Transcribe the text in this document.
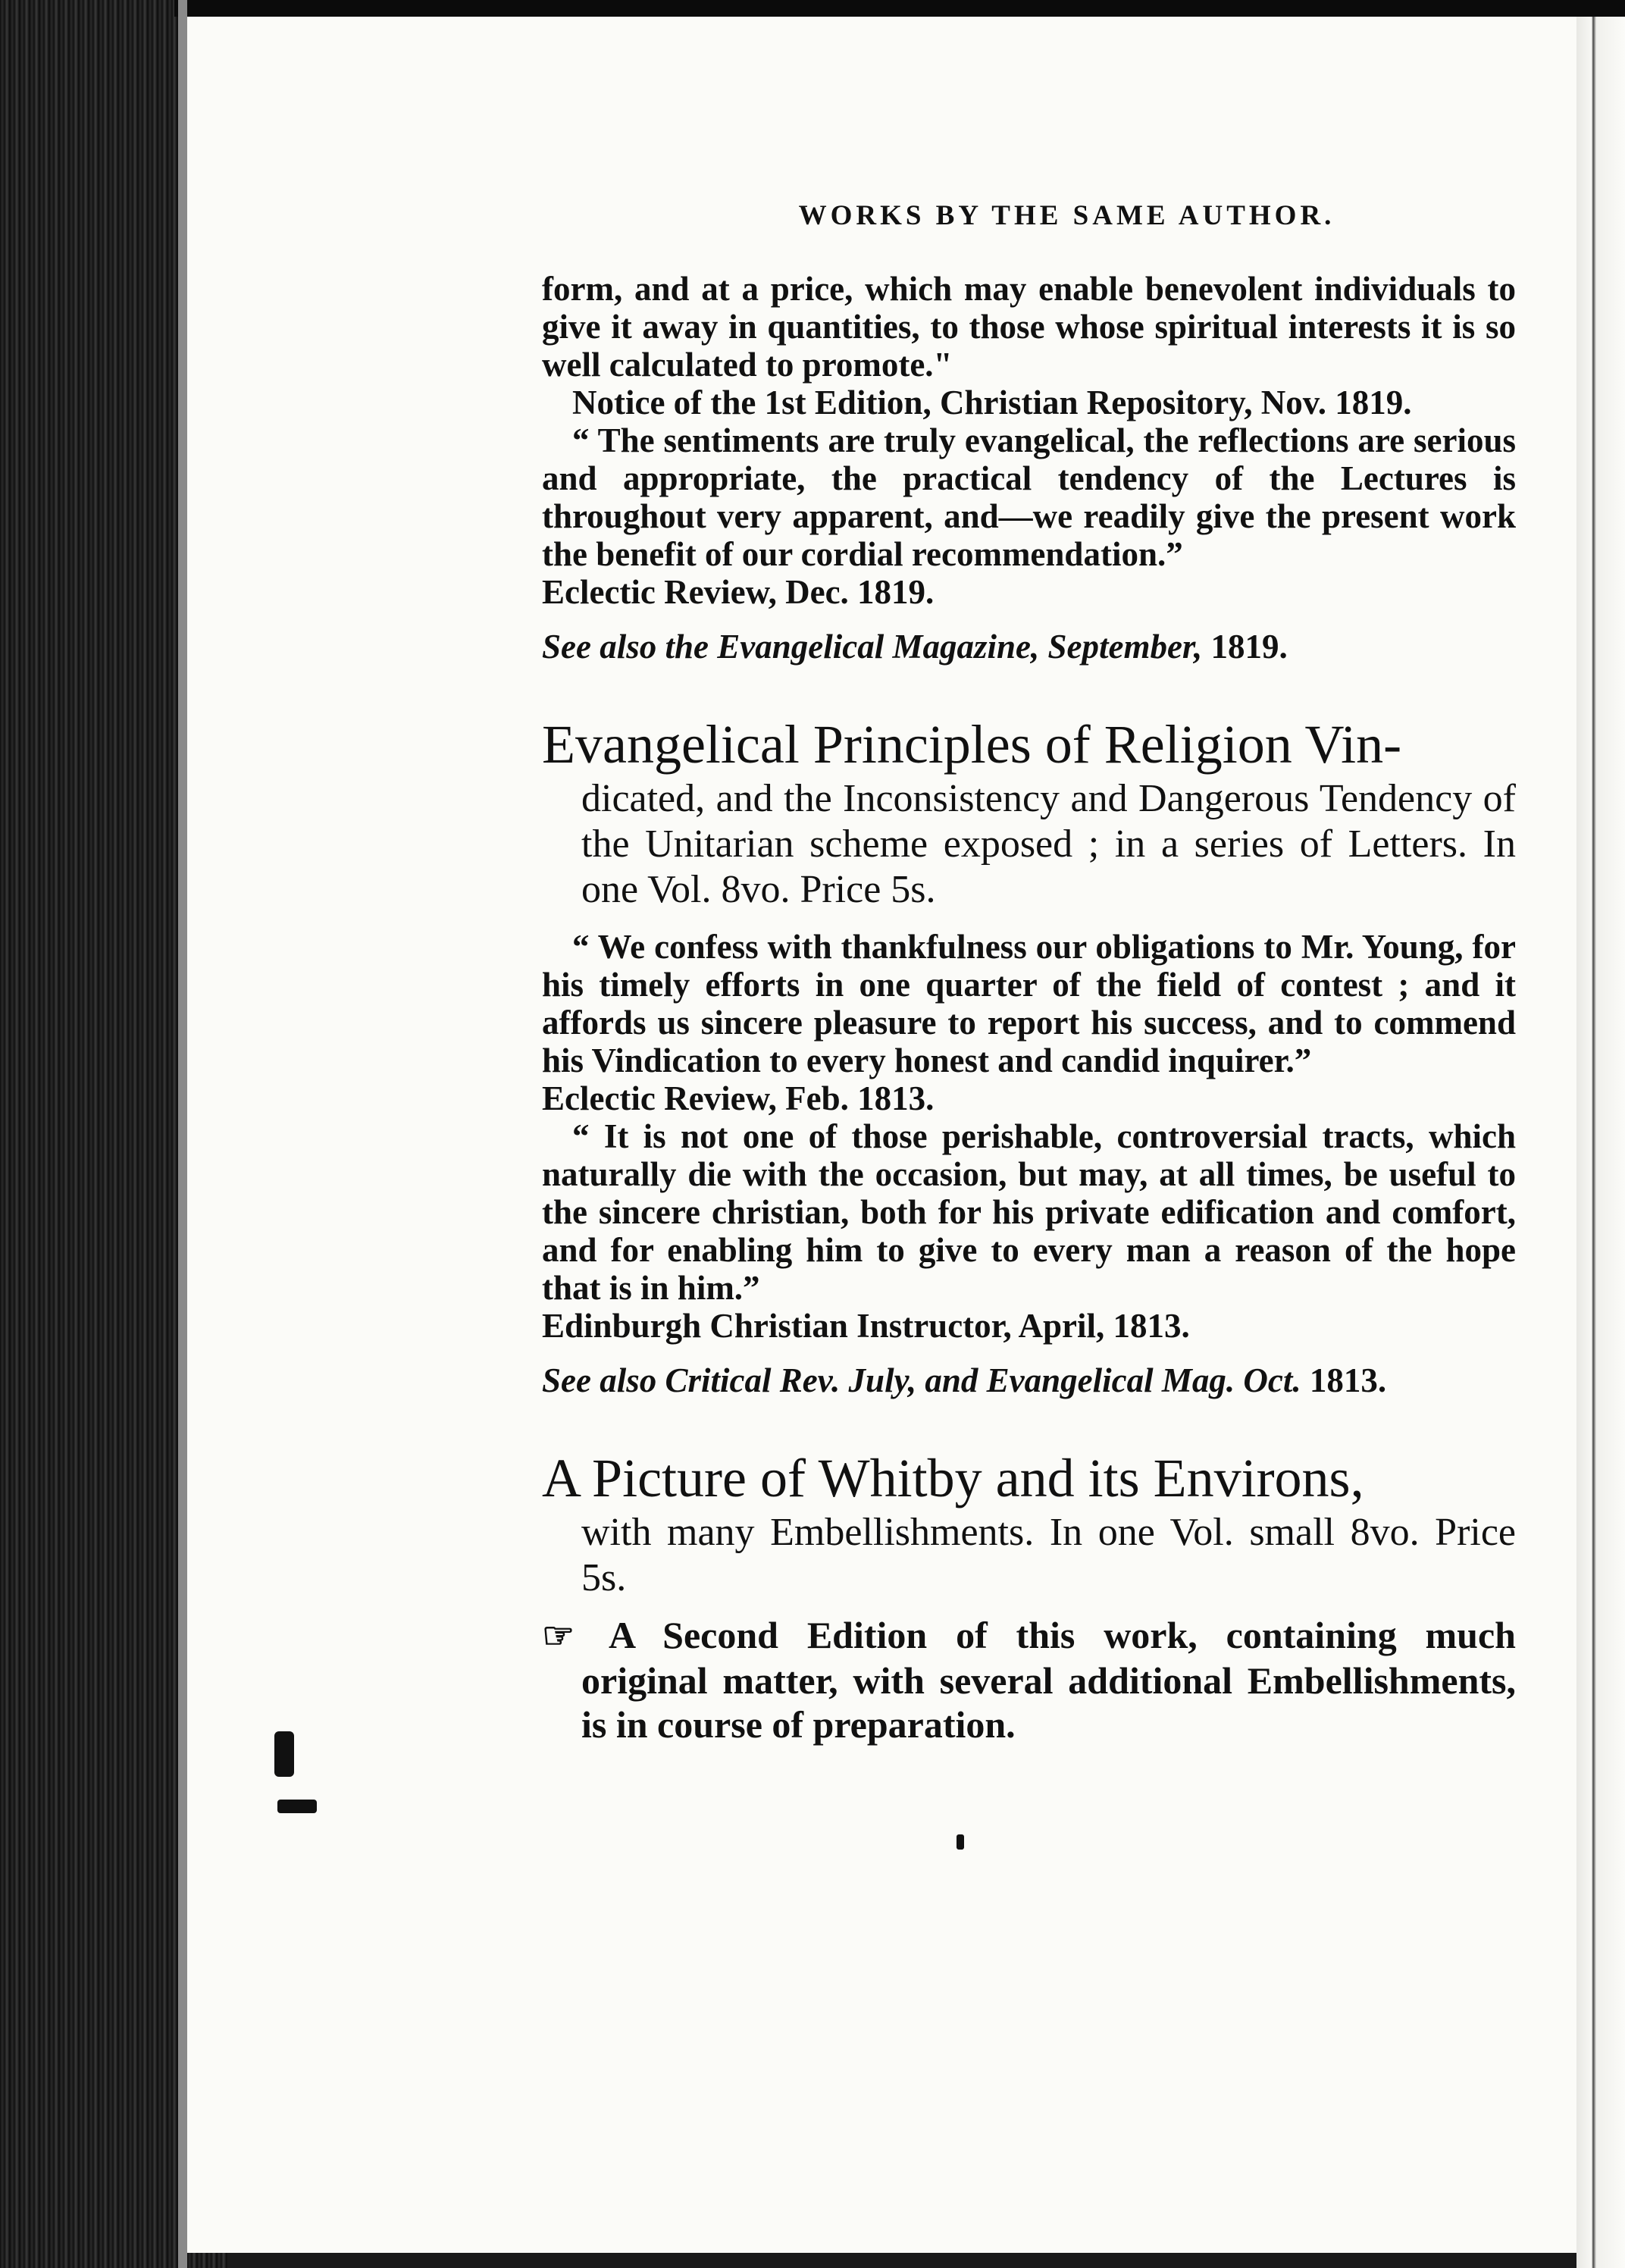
WORKS BY THE SAME AUTHOR.

form, and at a price, which may enable benevolent individuals to give it away in quantities, to those whose spiritual interests it is so well calculated to promote."

Notice of the 1st Edition, Christian Repository, Nov. 1819.

“ The sentiments are truly evangelical, the reflections are serious and appropriate, the practical tendency of the Lectures is throughout very apparent, and—we readily give the present work the benefit of our cordial recommendation.”

Eclectic Review, Dec. 1819.

See also the Evangelical Magazine, September, 1819.

Evangelical Principles of Religion Vin-
dicated, and the Inconsistency and Dangerous Tendency of the Unitarian scheme exposed ; in a series of Letters. In one Vol. 8vo. Price 5s.

“ We confess with thankfulness our obligations to Mr. Young, for his timely efforts in one quarter of the field of contest ; and it affords us sincere pleasure to report his success, and to commend his Vindication to every honest and candid inquirer.”

Eclectic Review, Feb. 1813.

“ It is not one of those perishable, controversial tracts, which naturally die with the occasion, but may, at all times, be useful to the sincere christian, both for his private edification and comfort, and for enabling him to give to every man a reason of the hope that is in him.”

Edinburgh Christian Instructor, April, 1813.

See also Critical Rev. July, and Evangelical Mag. Oct. 1813.

A Picture of Whitby and its Environs,
with many Embellishments. In one Vol. small 8vo. Price 5s.

☞ A Second Edition of this work, containing much original matter, with several additional Embellishments, is in course of preparation.
